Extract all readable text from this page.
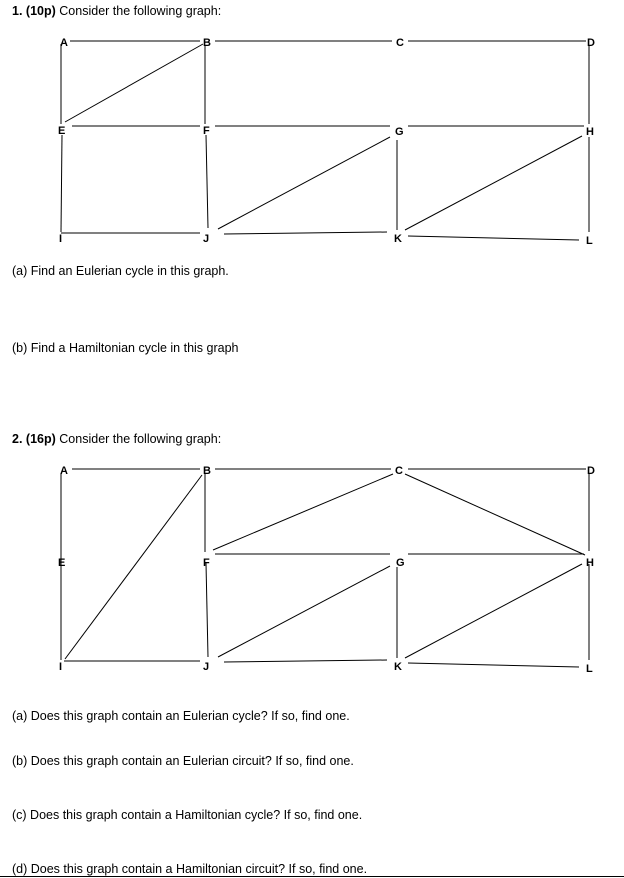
1. (10p) Consider the following graph:
A	B	C	D
E	F	G	H
I	J	K	L
(a) Find an Eulerian cycle in this graph.
(b) Find a Hamiltonian cycle in this graph
2. (16p) Consider the following graph:
A	B	C	D
E	F	G	H
I	J	K	L
(a) Does this graph contain an Eulerian cycle? If so, find one.
(b) Does this graph contain an Eulerian circuit? If so, find one.
(c) Does this graph contain a Hamiltonian cycle? If so, find one.
(d) Does this graph contain a Hamiltonian circuit? If so, find one.
